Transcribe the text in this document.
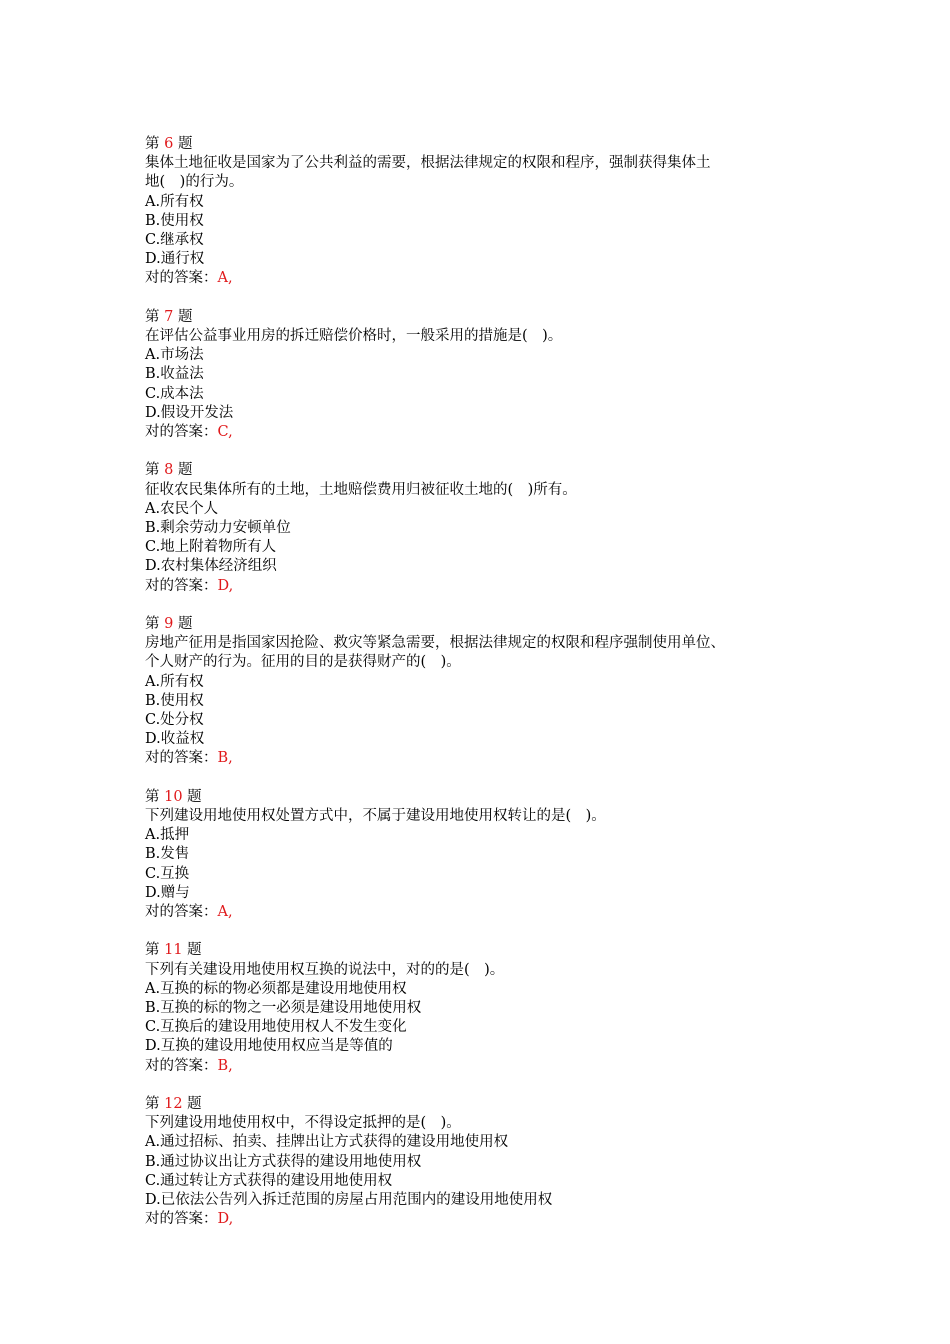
第 6 题
集体土地征收是国家为了公共利益的需要，根据法律规定的权限和程序，强制获得集体土
地(　)的行为。
A.所有权
B.使用权
C.继承权
D.通行权
对的答案：A,
第 7 题
在评估公益事业用房的拆迁赔偿价格时，一般采用的措施是(　)。
A.市场法
B.收益法
C.成本法
D.假设开发法
对的答案：C,
第 8 题
征收农民集体所有的土地，土地赔偿费用归被征收土地的(　)所有。
A.农民个人
B.剩余劳动力安顿单位
C.地上附着物所有人
D.农村集体经济组织
对的答案：D,
第 9 题
房地产征用是指国家因抢险、救灾等紧急需要，根据法律规定的权限和程序强制使用单位、
个人财产的行为。征用的目的是获得财产的(　)。
A.所有权
B.使用权
C.处分权
D.收益权
对的答案：B,
第 10 题
下列建设用地使用权处置方式中，不属于建设用地使用权转让的是(　)。
A.抵押
B.发售
C.互换
D.赠与
对的答案：A,
第 11 题
下列有关建设用地使用权互换的说法中，对的的是(　)。
A.互换的标的物必须都是建设用地使用权
B.互换的标的物之一必须是建设用地使用权
C.互换后的建设用地使用权人不发生变化
D.互换的建设用地使用权应当是等值的
对的答案：B,
第 12 题
下列建设用地使用权中，不得设定抵押的是(　)。
A.通过招标、拍卖、挂牌出让方式获得的建设用地使用权
B.通过协议出让方式获得的建设用地使用权
C.通过转让方式获得的建设用地使用权
D.已依法公告列入拆迁范围的房屋占用范围内的建设用地使用权
对的答案：D,
